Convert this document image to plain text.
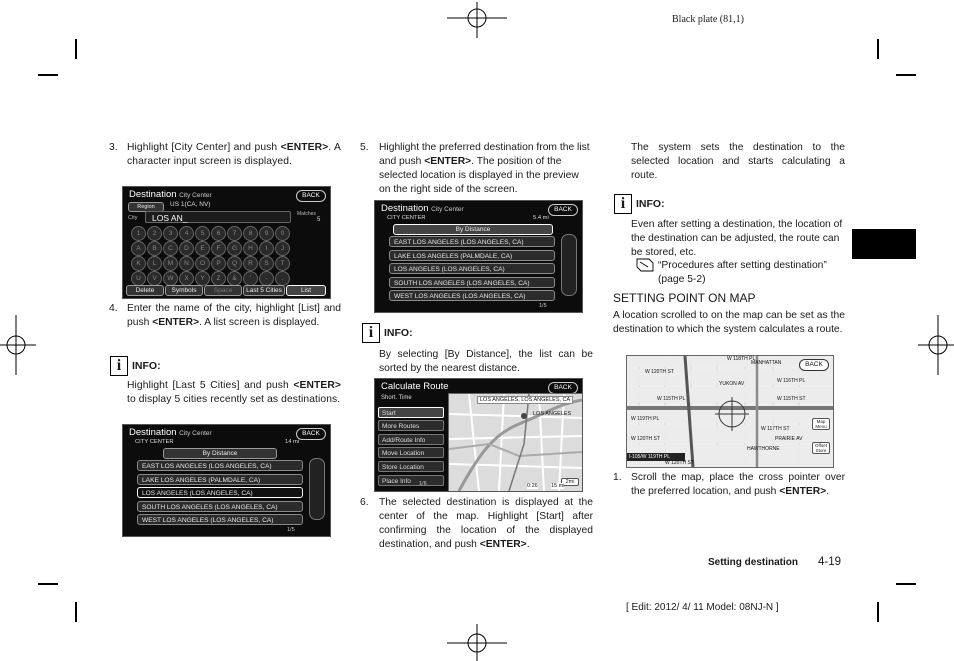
Black plate (81,1)
Setting destination 4-19
[ Edit: 2012/ 4/ 11 Model: 08NJ-N ]
3. Highlight [City Center] and push <ENTER>. A character input screen is displayed.
Destination City Center	BACK
Region	US 1(CA, NV)
City	LOS AN_	Matches
5
1	2	3	4	5	6	7	8	9	0
A	B	C	D	E	F	G	H	I	J
K	L	M	N	O	P	Q	R	S	T
U	V	W	X	Y	Z	&	'	-	.
Delete	Symbols	Space	Last 5 Cities	List
4. Enter the name of the city, highlight [List] and push <ENTER>. A list screen is displayed.
i INFO:
Highlight [Last 5 Cities] and push <ENTER> to display 5 cities recently set as destinations.
Destination City Center	BACK
CITY CENTER	14 mi
By Distance
EAST LOS ANGELES (LOS ANGELES, CA)
LAKE LOS ANGELES (PALMDALE, CA)
LOS ANGELES (LOS ANGELES, CA)
SOUTH LOS ANGELES (LOS ANGELES, CA)
WEST LOS ANGELES (LOS ANGELES, CA)
1/5
5. Highlight the preferred destination from the list and push <ENTER>. The position of the selected location is displayed in the preview on the right side of the screen.
Destination City Center	BACK
CITY CENTER	5.4 mi
By Distance
EAST LOS ANGELES (LOS ANGELES, CA)
LAKE LOS ANGELES (PALMDALE, CA)
LOS ANGELES (LOS ANGELES, CA)
SOUTH LOS ANGELES (LOS ANGELES, CA)
WEST LOS ANGELES (LOS ANGELES, CA)
1/5
i INFO:
By selecting [By Distance], the list can be sorted by the nearest distance.
Calculate Route	BACK
Short. Time
Start
More Routes
Add/Route Info
Move Location
Store Location
Place Info	1/6
LOS ANGELES, LOS ANGELES, CA
LOS ANGELES
2mi
0:26 15 mi
6. The selected destination is displayed at the center of the map. Highlight [Start] after confirming the location of the displayed destination, and push <ENTER>.
The system sets the destination to the selected location and starts calculating a route.
i INFO:
Even after setting a destination, the location of the destination can be adjusted, the route can be stored, etc.
“Procedures after setting destination” (page 5-2)
SETTING POINT ON MAP
A location scrolled to on the map can be set as the destination to which the system calculates a route.
BACK
W 118TH PL
W 120TH ST
W 116TH PL
W 115TH PL	W 115TH ST
W 119TH PL
W 117TH ST
W 120TH ST
HAWTHORNE
YUKON AV
MANHATTAN
PRAIRIE AV
Map Menu
Offset Store
I-105/W 119TH PL
W 120TH ST
1. Scroll the map, place the cross pointer over the preferred location, and push <ENTER>.
